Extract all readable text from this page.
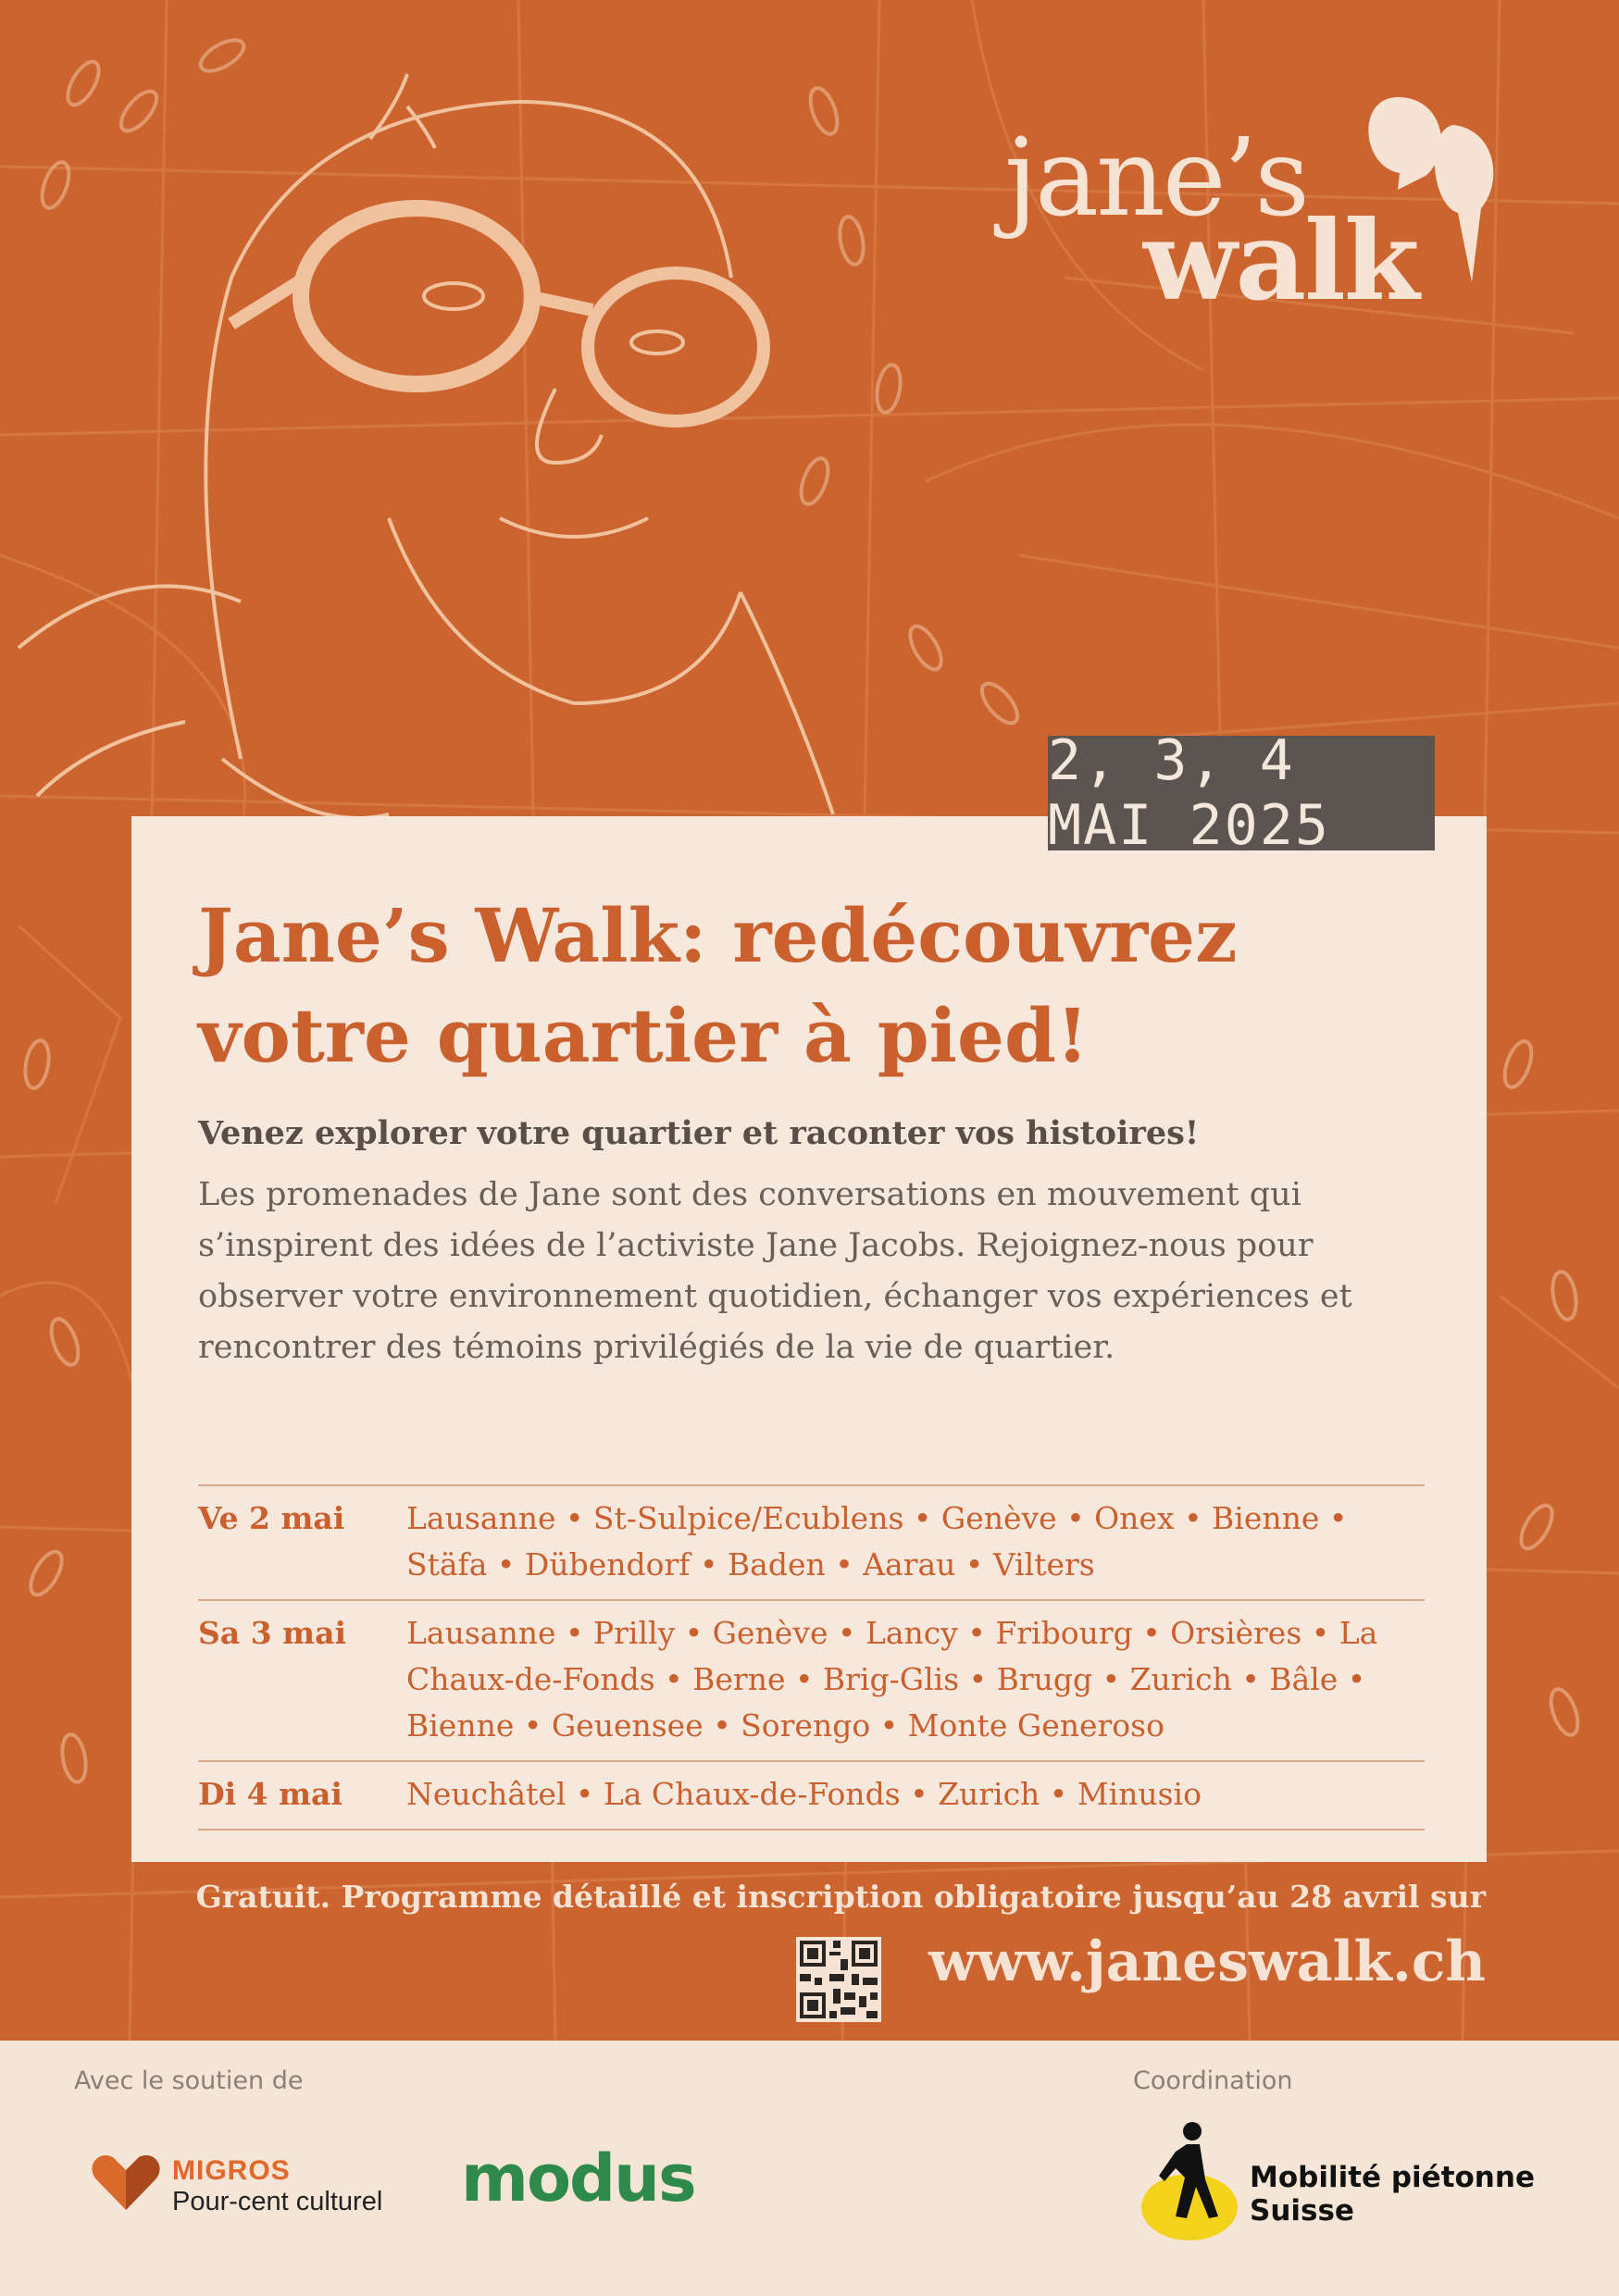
jane’s
walk
2, 3, 4 MAI 2025
Jane’s Walk: redécouvrez votre quartier à pied!

Venez explorer votre quartier et raconter vos histoires!

Les promenades de Jane sont des conversations en mouvement qui s’inspirent des idées de l’activiste Jane Jacobs. Rejoignez-nous pour observer votre environnement quotidien, échanger vos expériences et rencontrer des témoins privilégiés de la vie de quartier.

Ve 2 mai	Lausanne • St-Sulpice/Ecublens • Genève • Onex • Bienne • Stäfa • Dübendorf • Baden • Aarau • Vilters
Sa 3 mai	Lausanne • Prilly • Genève • Lancy • Fribourg • Orsières • La Chaux-de-Fonds • Berne • Brig-Glis • Brugg • Zurich • Bâle • Bienne • Geuensee • Sorengo • Monte Generoso
Di 4 mai	Neuchâtel • La Chaux-de-Fonds • Zurich • Minusio
Gratuit. Programme détaillé et inscription obligatoire jusqu’au 28 avril sur
www.janeswalk.ch
Avec le soutien de	Coordination
MIGROS
Pour-cent culturel modus	Mobilité piétonne
Suisse
